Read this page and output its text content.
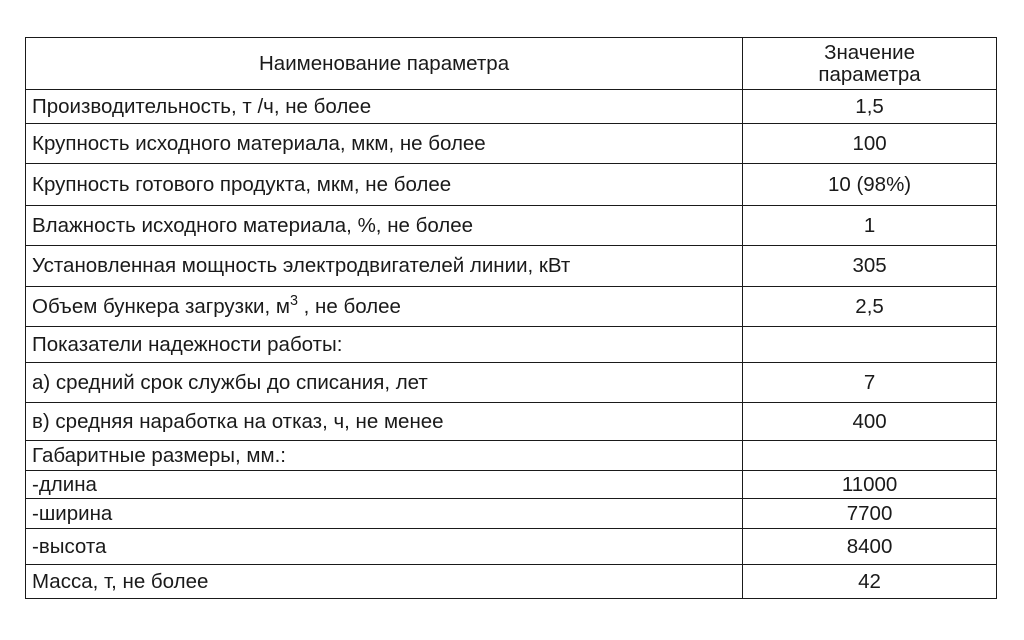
Наименование параметра	Значение
параметра
Производительность, т /ч, не более	1,5
Крупность исходного материала, мкм, не более	100
Крупность готового продукта, мкм, не более	10 (98%)
Влажность исходного материала, %, не более	1
Установленная мощность электродвигателей линии, кВт	305
Объем бункера загрузки, $м^3$ , не более	2,5
Показатели надежности работы:	
а) средний срок службы до списания, лет	7
в) средняя наработка на отказ, ч, не менее	400
Габаритные размеры, мм.:	
-длина	11000
-ширина	7700
-высота	8400
Масса, т, не более	42
